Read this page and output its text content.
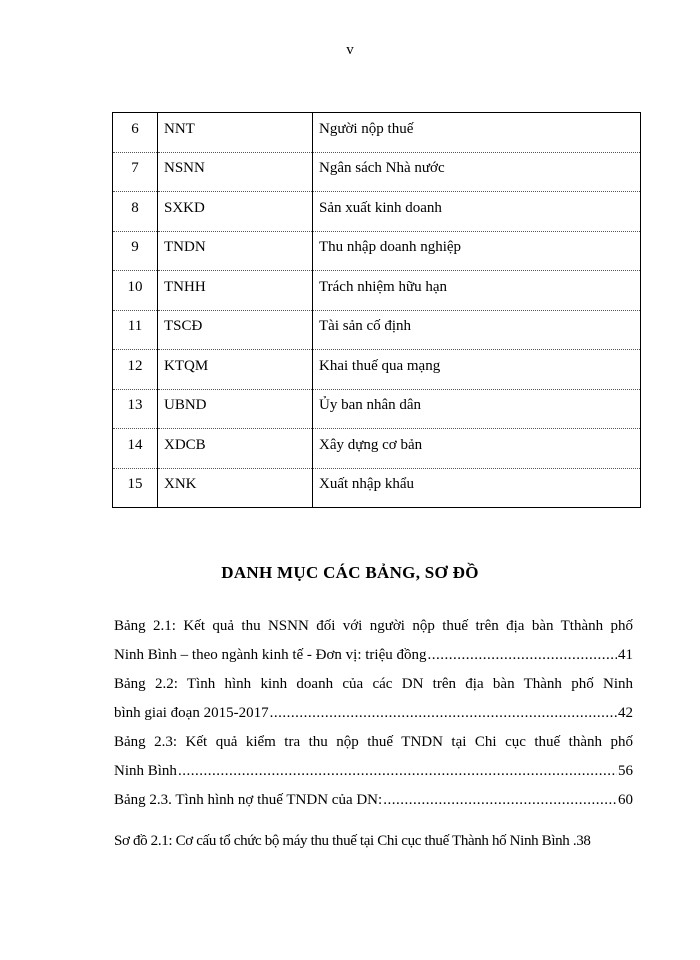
v
6	NNT	Người nộp thuế
7	NSNN	Ngân sách Nhà nước
8	SXKD	Sản xuất kinh doanh
9	TNDN	Thu nhập doanh nghiệp
10	TNHH	Trách nhiệm hữu hạn
11	TSCĐ	Tài sản cố định
12	KTQM	Khai thuế qua mạng
13	UBND	Ủy ban nhân dân
14	XDCB	Xây dựng cơ bản
15	XNK	Xuất nhập khẩu
DANH MỤC CÁC BẢNG, SƠ ĐỒ
Bảng 2.1: Kết quả thu NSNN đối với người nộp thuế trên địa bàn Tthành phố
Ninh Bình – theo ngành kinh tế - Đơn vị: triệu đồng .....	41
Bảng 2.2: Tình hình kinh doanh của các DN trên địa bàn Thành phố Ninh
bình giai đoạn 2015-2017 .....	42
Bảng 2.3: Kết quả kiểm tra thu nộp thuế TNDN tại Chi cục thuế thành phố
Ninh Bình .....	56
Bảng 2.3. Tình hình nợ thuế TNDN của DN: .....	60
Sơ đồ 2.1: Cơ cấu tổ chức bộ máy thu thuế tại Chi cục thuế Thành hố Ninh Bình .38
